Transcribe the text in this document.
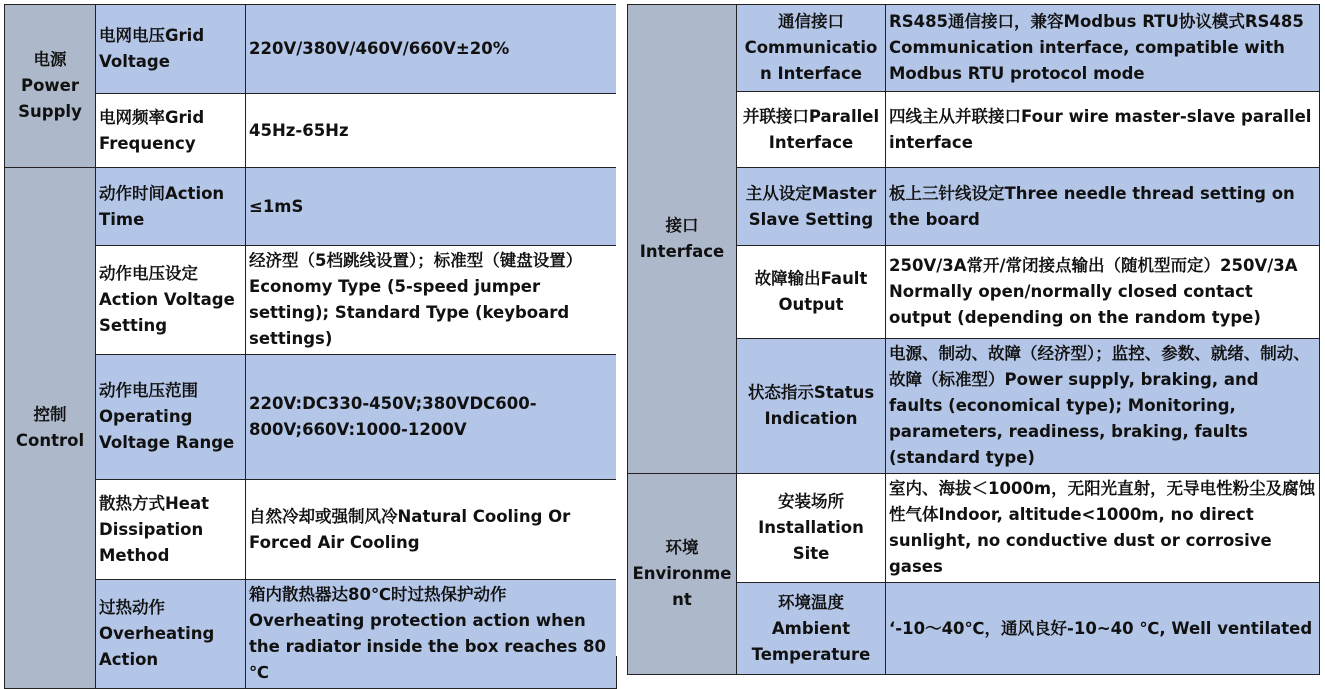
电源
Power
Supply	电网电压Grid Voltage	220V/380V/460V/660V±20%
	电网频率Grid Frequency	45Hz-65Hz
控制
Control	动作时间Action Time	≤1mS
	动作电压设定 Action Voltage Setting	经济型（5档跳线设置）；标准型（键盘设置） Economy Type (5-speed jumper setting); Standard Type (keyboard settings)
	动作电压范围 Operating Voltage Range	220V:DC330-450V;380VDC600-800V;660V:1000-1200V
	散热方式Heat Dissipation Method	自然冷却或强制风冷Natural Cooling Or Forced Air Cooling
	过热动作 Overheating Action	箱内散热器达80℃时过热保护动作 Overheating protection action when the radiator inside the box reaches 80 ℃
接口
Interface	通信接口 Communication Interface	RS485通信接口，兼容Modbus RTU协议模式RS485 Communication interface, compatible with Modbus RTU protocol mode
	并联接口Parallel Interface	四线主从并联接口Four wire master-slave parallel interface
	主从设定Master Slave Setting	板上三针线设定Three needle thread setting on the board
	故障输出Fault Output	250V/3A常开/常闭接点输出（随机型而定）250V/3A Normally open/normally closed contact output (depending on the random type)
	状态指示Status Indication	电源、制动、故障（经济型）；监控、参数、就绪、制动、故障（标准型）Power supply, braking, and faults (economical type); Monitoring, parameters, readiness, braking, faults (standard type)
环境
Environme
nt	安装场所 Installation Site	室内、海拔＜1000m，无阳光直射，无导电性粉尘及腐蚀性气体Indoor, altitude<1000m, no direct sunlight, no conductive dust or corrosive gases
	环境温度Ambient Temperature	‘-10～40℃，通风良好-10~40 ℃, Well ventilated
